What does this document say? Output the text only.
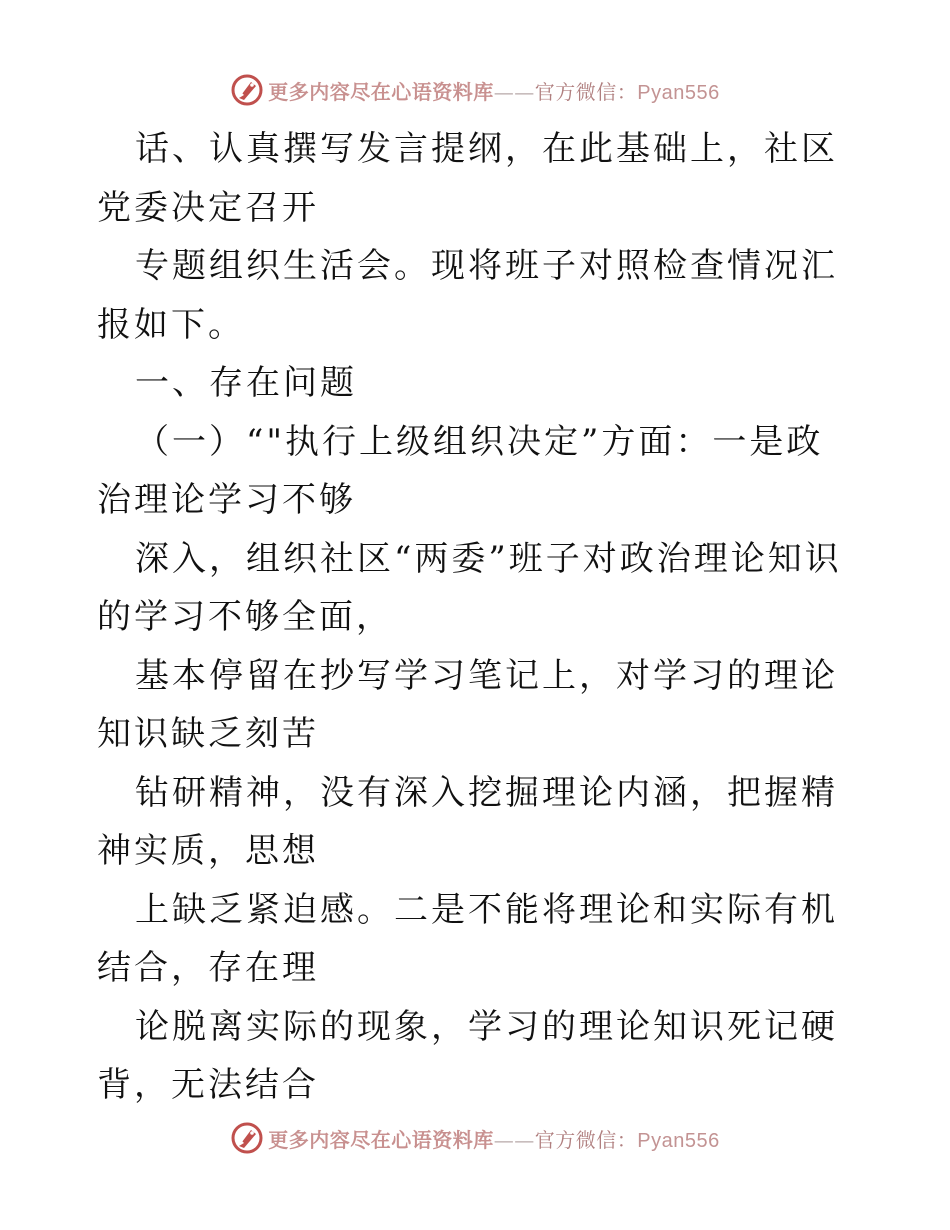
更多内容尽在心语资料库——官方微信：Pyan556

话、认真撰写发言提纲，在此基础上，社区党委决定召开

专题组织生活会。现将班子对照检查情况汇报如下。

一、存在问题

（一）“"执行上级组织决定”方面：一是政治理论学习不够

深入，组织社区“两委”班子对政治理论知识的学习不够全面，

基本停留在抄写学习笔记上，对学习的理论知识缺乏刻苦

钻研精神，没有深入挖掘理论内涵，把握精神实质，思想

上缺乏紧迫感。二是不能将理论和实际有机结合，存在理

论脱离实际的现象，学习的理论知识死记硬背，无法结合

更多内容尽在心语资料库——官方微信：Pyan556
